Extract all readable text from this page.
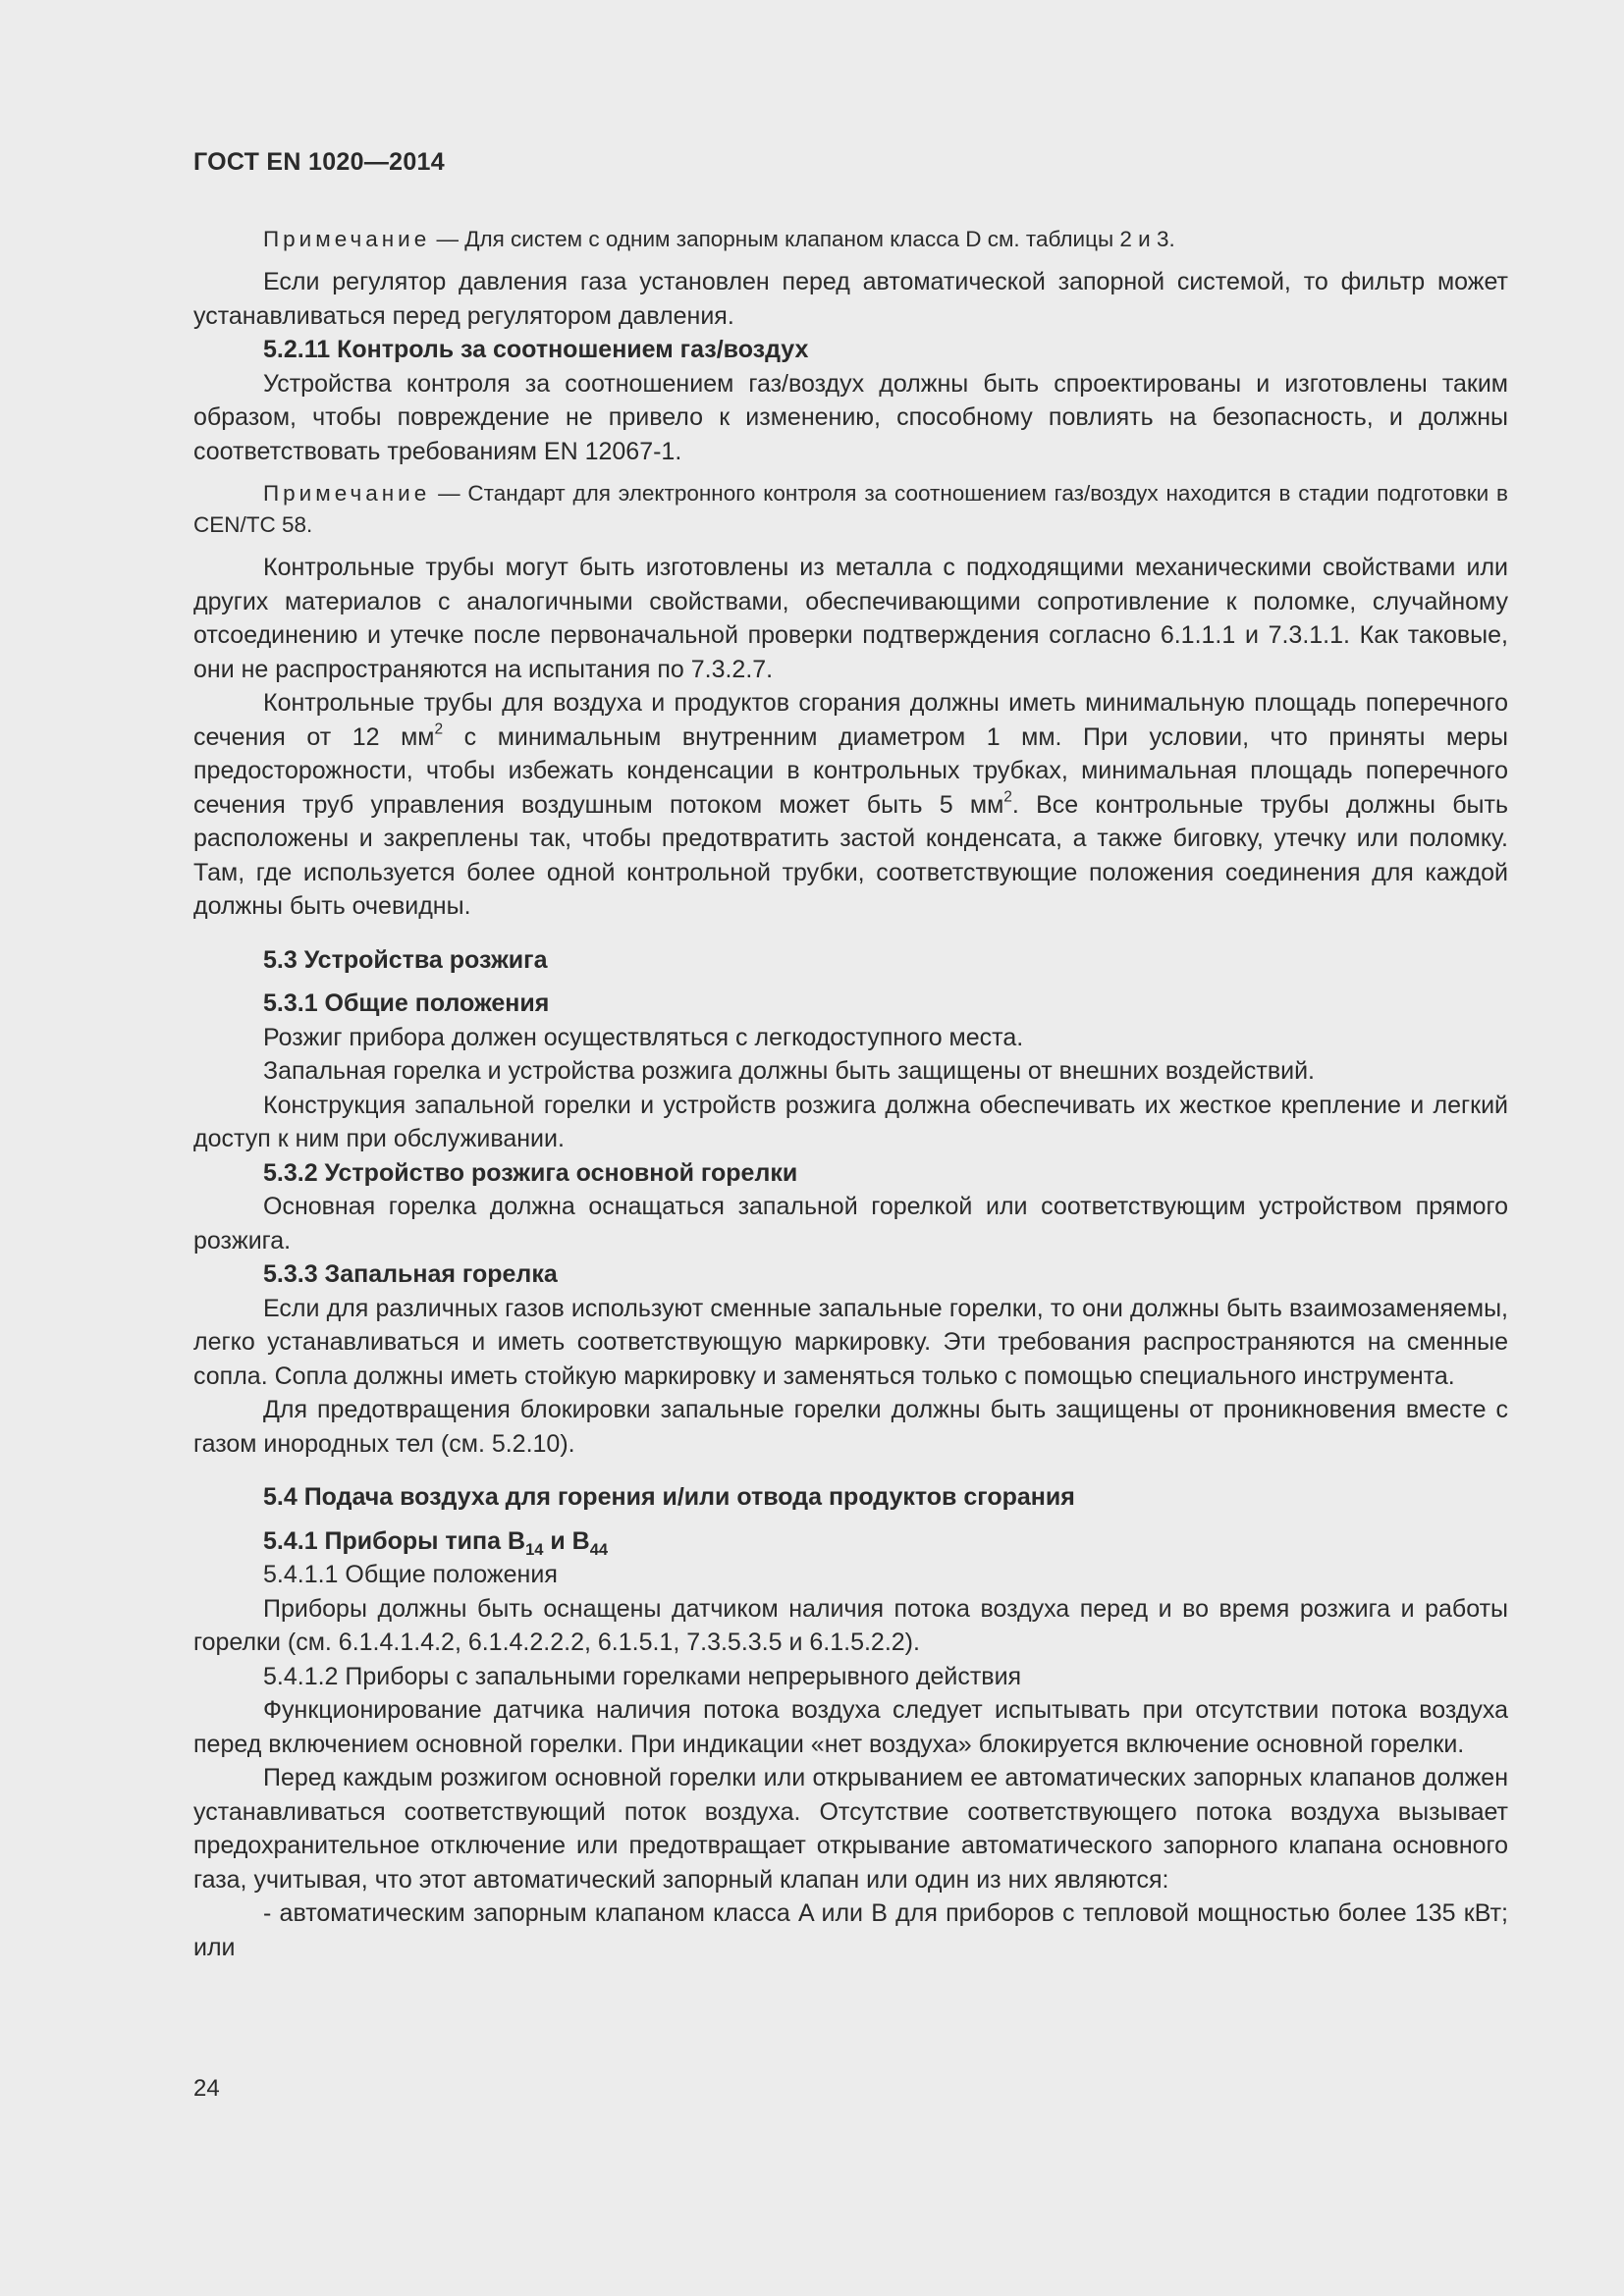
ГОСТ EN 1020—2014

Примечание — Для систем с одним запорным клапаном класса D см. таблицы 2 и 3.

Если регулятор давления газа установлен перед автоматической запорной системой, то фильтр может устанавливаться перед регулятором давления.

5.2.11 Контроль за соотношением газ/воздух

Устройства контроля за соотношением газ/воздух должны быть спроектированы и изготовлены таким образом, чтобы повреждение не привело к изменению, способному повлиять на безопасность, и должны соответствовать требованиям EN 12067-1.

Примечание — Стандарт для электронного контроля за соотношением газ/воздух находится в стадии подготовки в CEN/TC 58.

Контрольные трубы могут быть изготовлены из металла с подходящими механическими свойствами или других материалов с аналогичными свойствами, обеспечивающими сопротивление к поломке, случайному отсоединению и утечке после первоначальной проверки подтверждения согласно 6.1.1.1 и 7.3.1.1. Как таковые, они не распространяются на испытания по 7.3.2.7.

Контрольные трубы для воздуха и продуктов сгорания должны иметь минимальную площадь поперечного сечения от 12 $мм^2$ с минимальным внутренним диаметром 1 мм. При условии, что приняты меры предосторожности, чтобы избежать конденсации в контрольных трубках, минимальная площадь поперечного сечения труб управления воздушным потоком может быть 5 $мм^2$. Все контрольные трубы должны быть расположены и закреплены так, чтобы предотвратить застой конденсата, а также биговку, утечку или поломку. Там, где используется более одной контрольной трубки, соответствующие положения соединения для каждой должны быть очевидны.

5.3 Устройства розжига

5.3.1 Общие положения

Розжиг прибора должен осуществляться с легкодоступного места.

Запальная горелка и устройства розжига должны быть защищены от внешних воздействий.

Конструкция запальной горелки и устройств розжига должна обеспечивать их жесткое крепление и легкий доступ к ним при обслуживании.

5.3.2 Устройство розжига основной горелки

Основная горелка должна оснащаться запальной горелкой или соответствующим устройством прямого розжига.

5.3.3 Запальная горелка

Если для различных газов используют сменные запальные горелки, то они должны быть взаимозаменяемы, легко устанавливаться и иметь соответствующую маркировку. Эти требования распространяются на сменные сопла. Сопла должны иметь стойкую маркировку и заменяться только с помощью специального инструмента.

Для предотвращения блокировки запальные горелки должны быть защищены от проникновения вместе с газом инородных тел (см. 5.2.10).

5.4 Подача воздуха для горения и/или отвода продуктов сгорания

5.4.1 Приборы типа $B_{14}$ и $B_{44}$

5.4.1.1 Общие положения

Приборы должны быть оснащены датчиком наличия потока воздуха перед и во время розжига и работы горелки (см. 6.1.4.1.4.2, 6.1.4.2.2.2, 6.1.5.1, 7.3.5.3.5 и 6.1.5.2.2).

5.4.1.2 Приборы с запальными горелками непрерывного действия

Функционирование датчика наличия потока воздуха следует испытывать при отсутствии потока воздуха перед включением основной горелки. При индикации «нет воздуха» блокируется включение основной горелки.

Перед каждым розжигом основной горелки или открыванием ее автоматических запорных клапанов должен устанавливаться соответствующий поток воздуха. Отсутствие соответствующего потока воздуха вызывает предохранительное отключение или предотвращает открывание автоматического запорного клапана основного газа, учитывая, что этот автоматический запорный клапан или один из них являются:

- автоматическим запорным клапаном класса A или B для приборов с тепловой мощностью более 135 кВт; или

24
